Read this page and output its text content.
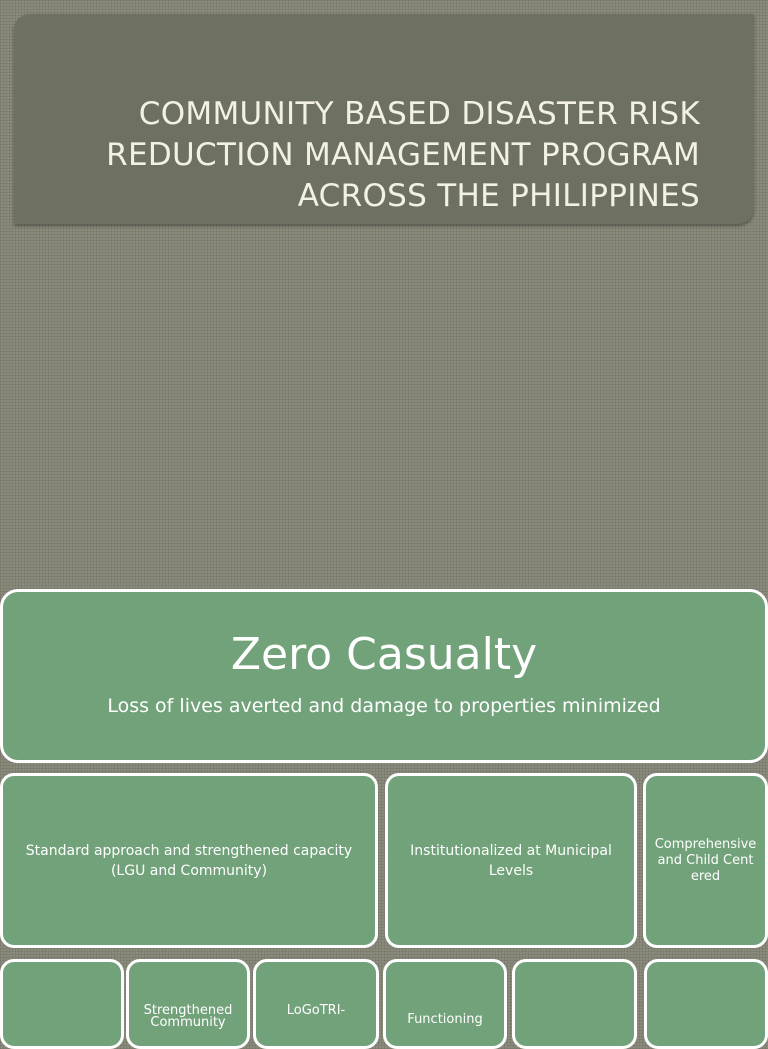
COMMUNITY BASED DISASTER RISK REDUCTION MANAGEMENT PROGRAM ACROSS THE PHILIPPINES
Zero Casualty
Loss of lives averted and damage to properties minimized
Standard approach and strengthened capacity (LGU and Community)
Institutionalized at Municipal Levels
Comprehensive and Child Centered
Strengthened Community
LoGoTRI-
Functioning
